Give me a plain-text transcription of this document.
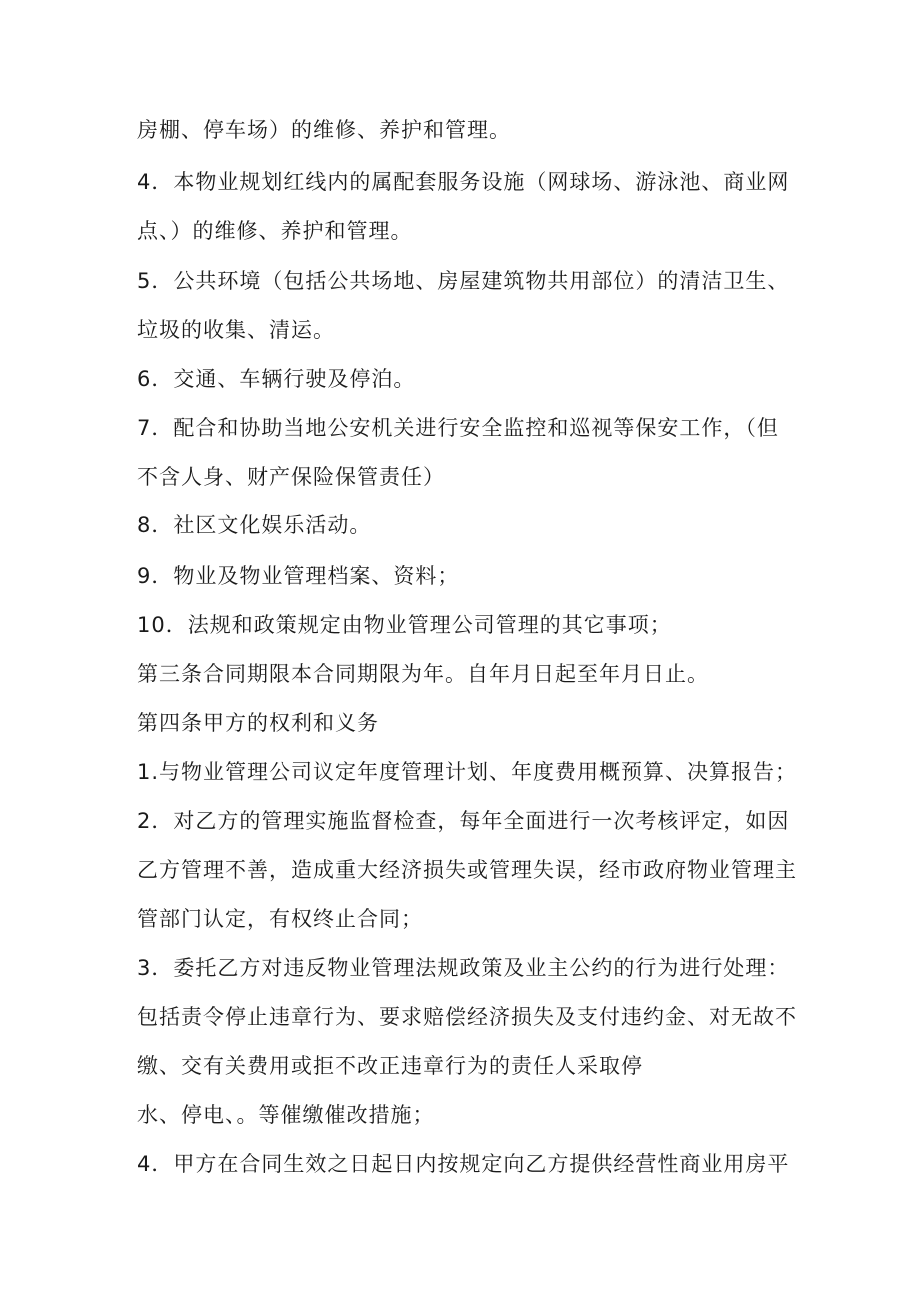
房棚、停车场）的维修、养护和管理。
4．本物业规划红线内的属配套服务设施（网球场、游泳池、商业网
点、）的维修、养护和管理。
5．公共环境（包括公共场地、房屋建筑物共用部位）的清洁卫生、
垃圾的收集、清运。
6．交通、车辆行驶及停泊。
7．配合和协助当地公安机关进行安全监控和巡视等保安工作，（但
不含人身、财产保险保管责任）
8．社区文化娱乐活动。
9．物业及物业管理档案、资料；
10．法规和政策规定由物业管理公司管理的其它事项；
第三条合同期限本合同期限为年。自年月日起至年月日止。
第四条甲方的权利和义务
1.与物业管理公司议定年度管理计划、年度费用概预算、决算报告；
2．对乙方的管理实施监督检查，每年全面进行一次考核评定，如因
乙方管理不善，造成重大经济损失或管理失误，经市政府物业管理主
管部门认定，有权终止合同；
3．委托乙方对违反物业管理法规政策及业主公约的行为进行处理：
包括责令停止违章行为、要求赔偿经济损失及支付违约金、对无故不
缴、交有关费用或拒不改正违章行为的责任人采取停
水、停电、。等催缴催改措施；
4．甲方在合同生效之日起日内按规定向乙方提供经营性商业用房平
